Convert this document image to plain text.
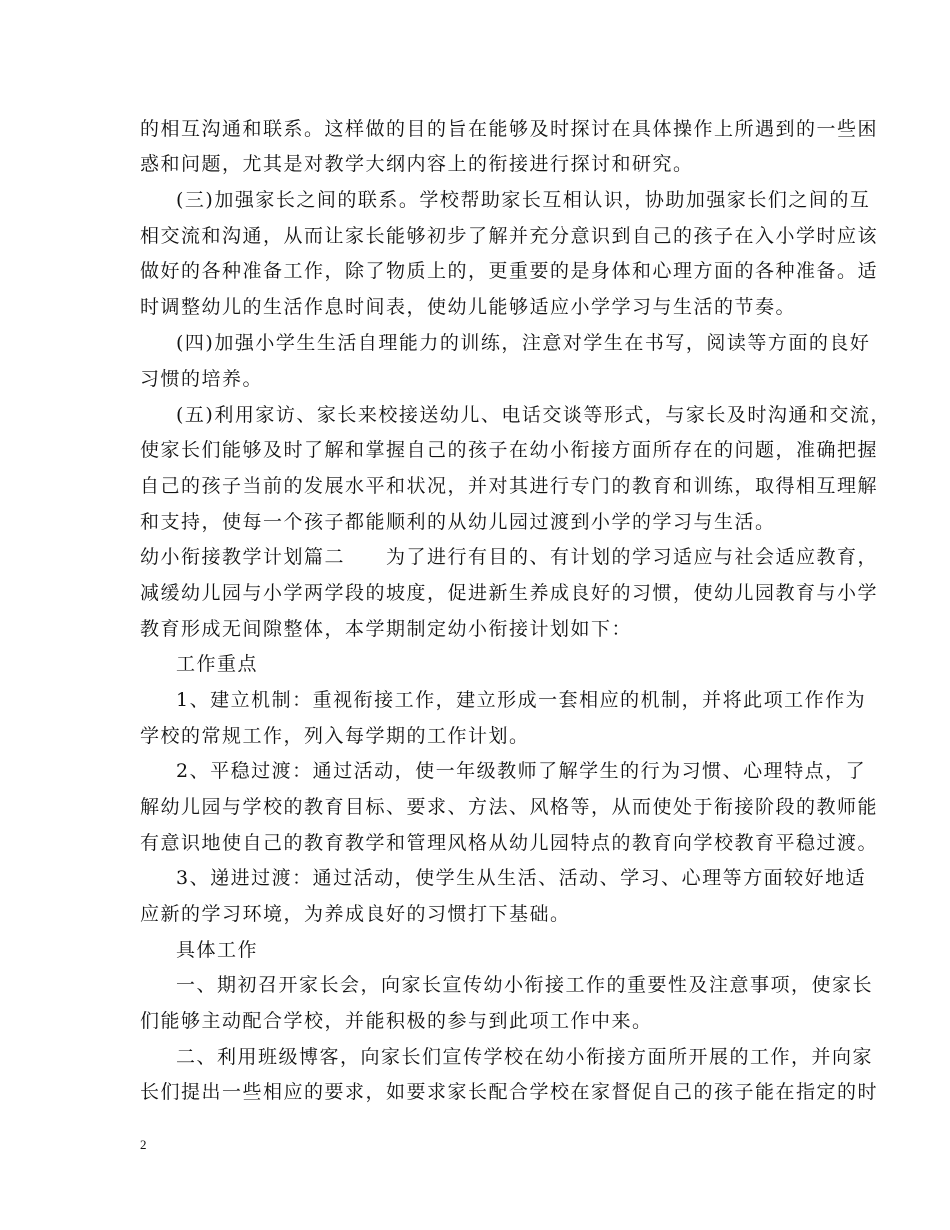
的相互沟通和联系。这样做的目的旨在能够及时探讨在具体操作上所遇到的一些困
惑和问题，尤其是对教学大纲内容上的衔接进行探讨和研究。
(三)加强家长之间的联系。学校帮助家长互相认识，协助加强家长们之间的互
相交流和沟通，从而让家长能够初步了解并充分意识到自己的孩子在入小学时应该
做好的各种准备工作，除了物质上的，更重要的是身体和心理方面的各种准备。适
时调整幼儿的生活作息时间表，使幼儿能够适应小学学习与生活的节奏。
(四)加强小学生生活自理能力的训练，注意对学生在书写，阅读等方面的良好
习惯的培养。
(五)利用家访、家长来校接送幼儿、电话交谈等形式，与家长及时沟通和交流，
使家长们能够及时了解和掌握自己的孩子在幼小衔接方面所存在的问题，准确把握
自己的孩子当前的发展水平和状况，并对其进行专门的教育和训练，取得相互理解
和支持，使每一个孩子都能顺利的从幼儿园过渡到小学的学习与生活。
幼小衔接教学计划篇二　　为了进行有目的、有计划的学习适应与社会适应教育，
减缓幼儿园与小学两学段的坡度，促进新生养成良好的习惯，使幼儿园教育与小学
教育形成无间隙整体，本学期制定幼小衔接计划如下：
工作重点
1、建立机制：重视衔接工作，建立形成一套相应的机制，并将此项工作作为
学校的常规工作，列入每学期的工作计划。
2、平稳过渡：通过活动，使一年级教师了解学生的行为习惯、心理特点，了
解幼儿园与学校的教育目标、要求、方法、风格等，从而使处于衔接阶段的教师能
有意识地使自己的教育教学和管理风格从幼儿园特点的教育向学校教育平稳过渡。
3、递进过渡：通过活动，使学生从生活、活动、学习、心理等方面较好地适
应新的学习环境，为养成良好的习惯打下基础。
具体工作
一、期初召开家长会，向家长宣传幼小衔接工作的重要性及注意事项，使家长
们能够主动配合学校，并能积极的参与到此项工作中来。
二、利用班级博客，向家长们宣传学校在幼小衔接方面所开展的工作，并向家
长们提出一些相应的要求，如要求家长配合学校在家督促自己的孩子能在指定的时
2
